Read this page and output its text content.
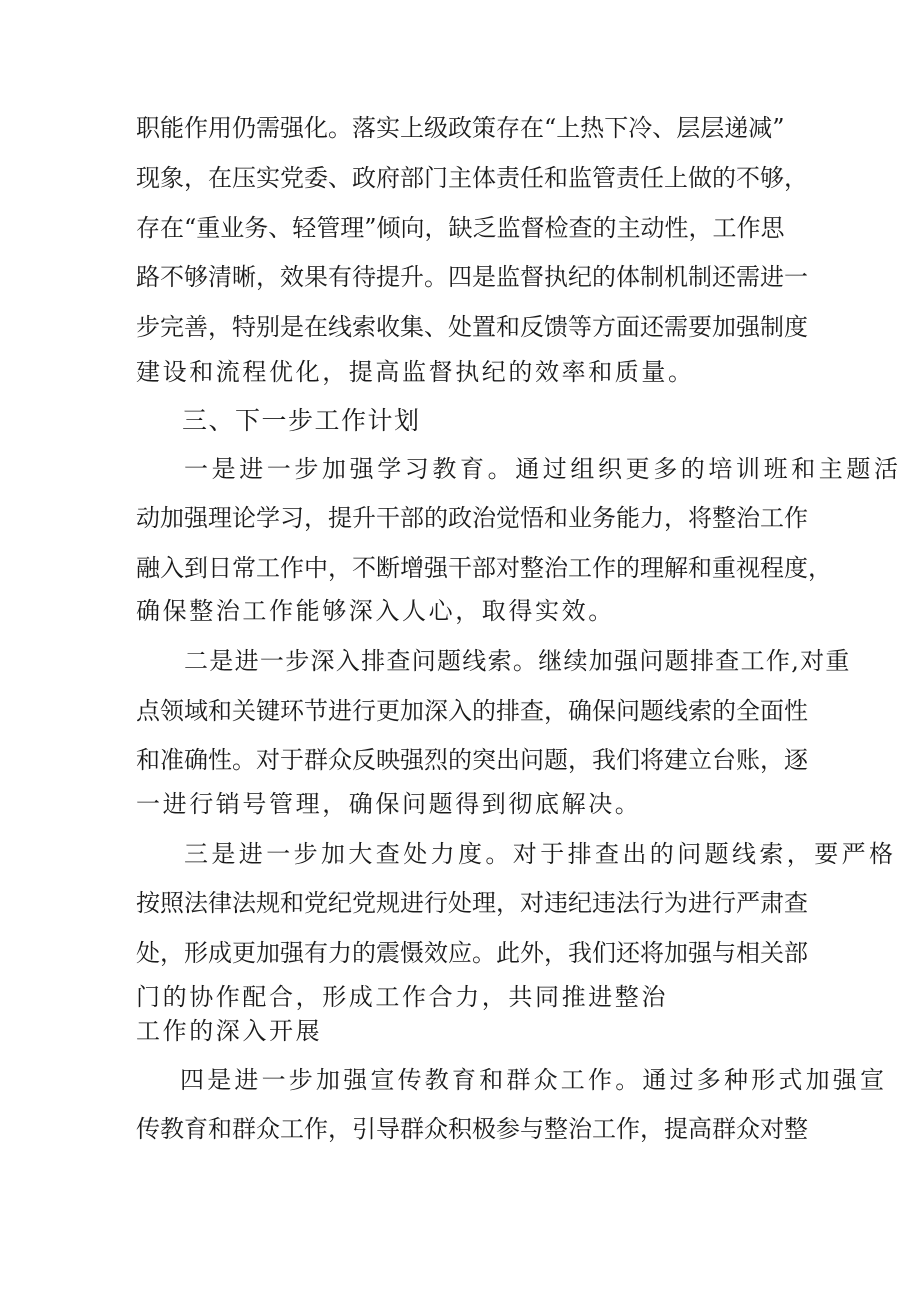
职能作用仍需强化。落实上级政策存在“上热下冷、层层递减”
现象，在压实党委、政府部门主体责任和监管责任上做的不够，
存在“重业务、轻管理”倾向，缺乏监督检查的主动性，工作思
路不够清晰，效果有待提升。四是监督执纪的体制机制还需进一
步完善，特别是在线索收集、处置和反馈等方面还需要加强制度
建设和流程优化，提高监督执纪的效率和质量。
三、下一步工作计划
一是进一步加强学习教育。通过组织更多的培训班和主题活
动加强理论学习，提升干部的政治觉悟和业务能力，将整治工作
融入到日常工作中，不断增强干部对整治工作的理解和重视程度，
确保整治工作能够深入人心，取得实效。
二是进一步深入排查问题线索。继续加强问题排查工作,对重
点领域和关键环节进行更加深入的排查，确保问题线索的全面性
和准确性。对于群众反映强烈的突出问题，我们将建立台账，逐
一进行销号管理，确保问题得到彻底解决。
三是进一步加大查处力度。对于排查出的问题线索，要严格
按照法律法规和党纪党规进行处理，对违纪违法行为进行严肃查
处，形成更加强有力的震慑效应。此外，我们还将加强与相关部
门的协作配合，形成工作合力，共同推进整治
工作的深入开展
四是进一步加强宣传教育和群众工作。通过多种形式加强宣
传教育和群众工作，引导群众积极参与整治工作，提高群众对整
